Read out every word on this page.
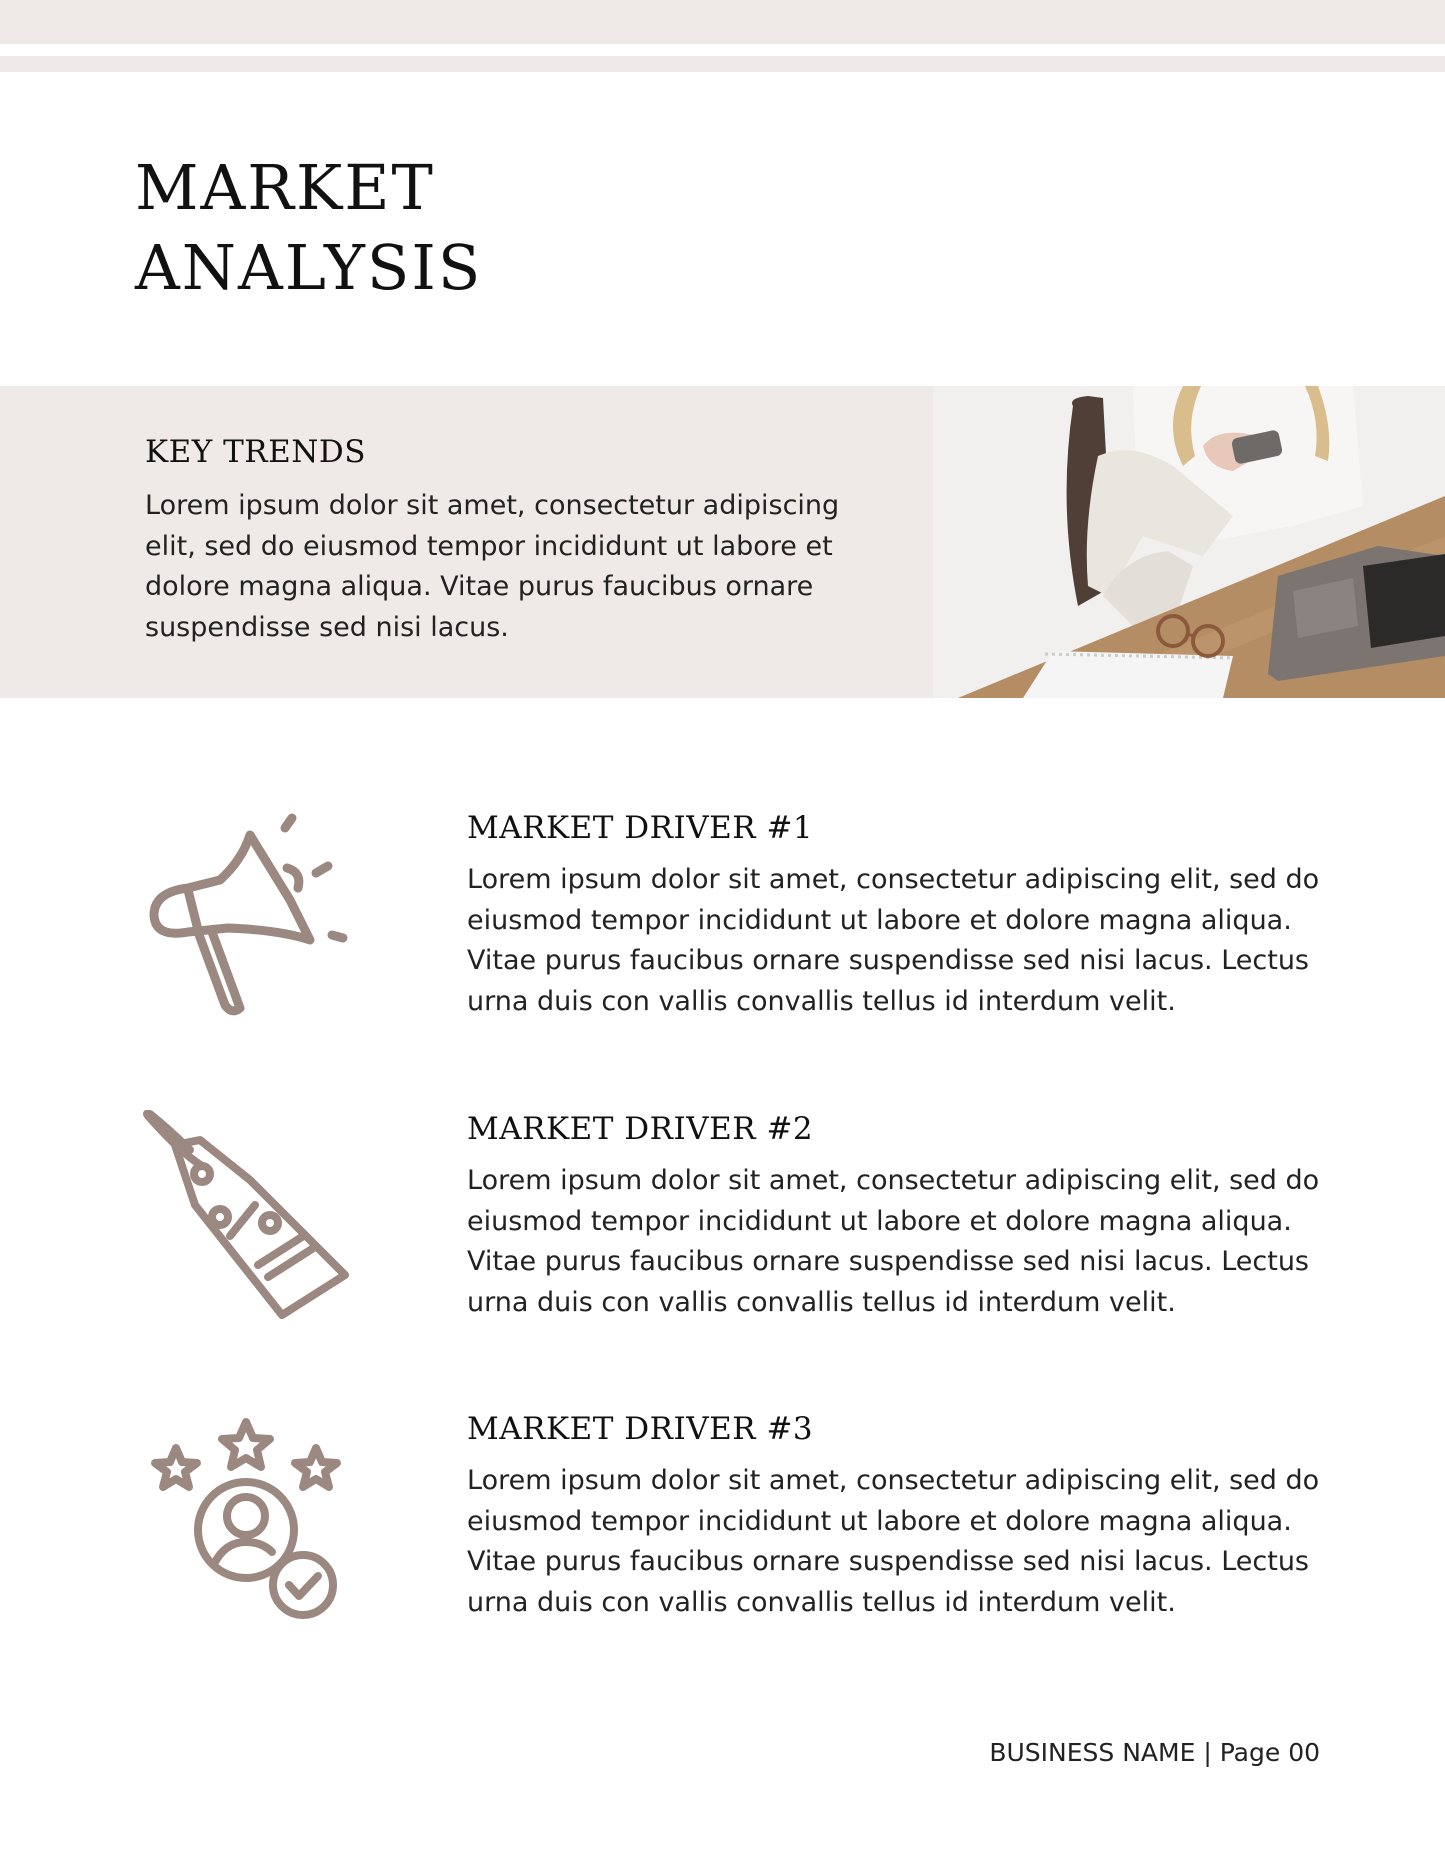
MARKET
ANALYSIS
KEY TRENDS

Lorem ipsum dolor sit amet, consectetur adipiscing elit, sed do eiusmod tempor incididunt ut labore et dolore magna aliqua. Vitae purus faucibus ornare suspendisse sed nisi lacus.

MARKET DRIVER #1

Lorem ipsum dolor sit amet, consectetur adipiscing elit, sed do eiusmod tempor incididunt ut labore et dolore magna aliqua. Vitae purus faucibus ornare suspendisse sed nisi lacus. Lectus urna duis con vallis convallis tellus id interdum velit.

MARKET DRIVER #2

Lorem ipsum dolor sit amet, consectetur adipiscing elit, sed do eiusmod tempor incididunt ut labore et dolore magna aliqua. Vitae purus faucibus ornare suspendisse sed nisi lacus. Lectus urna duis con vallis convallis tellus id interdum velit.

MARKET DRIVER #3

Lorem ipsum dolor sit amet, consectetur adipiscing elit, sed do eiusmod tempor incididunt ut labore et dolore magna aliqua. Vitae purus faucibus ornare suspendisse sed nisi lacus. Lectus urna duis con vallis convallis tellus id interdum velit.

BUSINESS NAME | Page 00
